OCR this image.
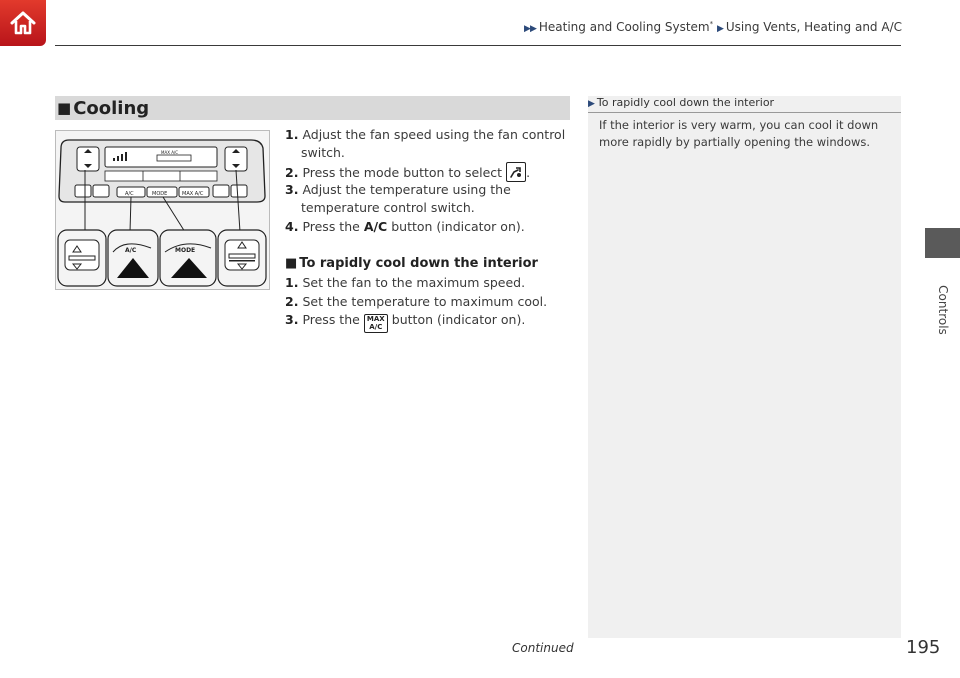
▶▶ Heating and Cooling System* ▶ Using Vents, Heating and A/C
Controls
■ Cooling
MAX A/C
A/C	MODE	MAX A/C
A/C	MODE
1. Adjust the fan speed using the fan control
switch.
2. Press the mode button to select .
3. Adjust the temperature using the
temperature control switch.
4. Press the A/C button (indicator on).
■ To rapidly cool down the interior
1. Set the fan to the maximum speed.
2. Set the temperature to maximum cool.
3. Press the MAX
A/C button (indicator on).
▶ To rapidly cool down the interior
If the interior is very warm, you can cool it down more rapidly by partially opening the windows.
Continued	195
